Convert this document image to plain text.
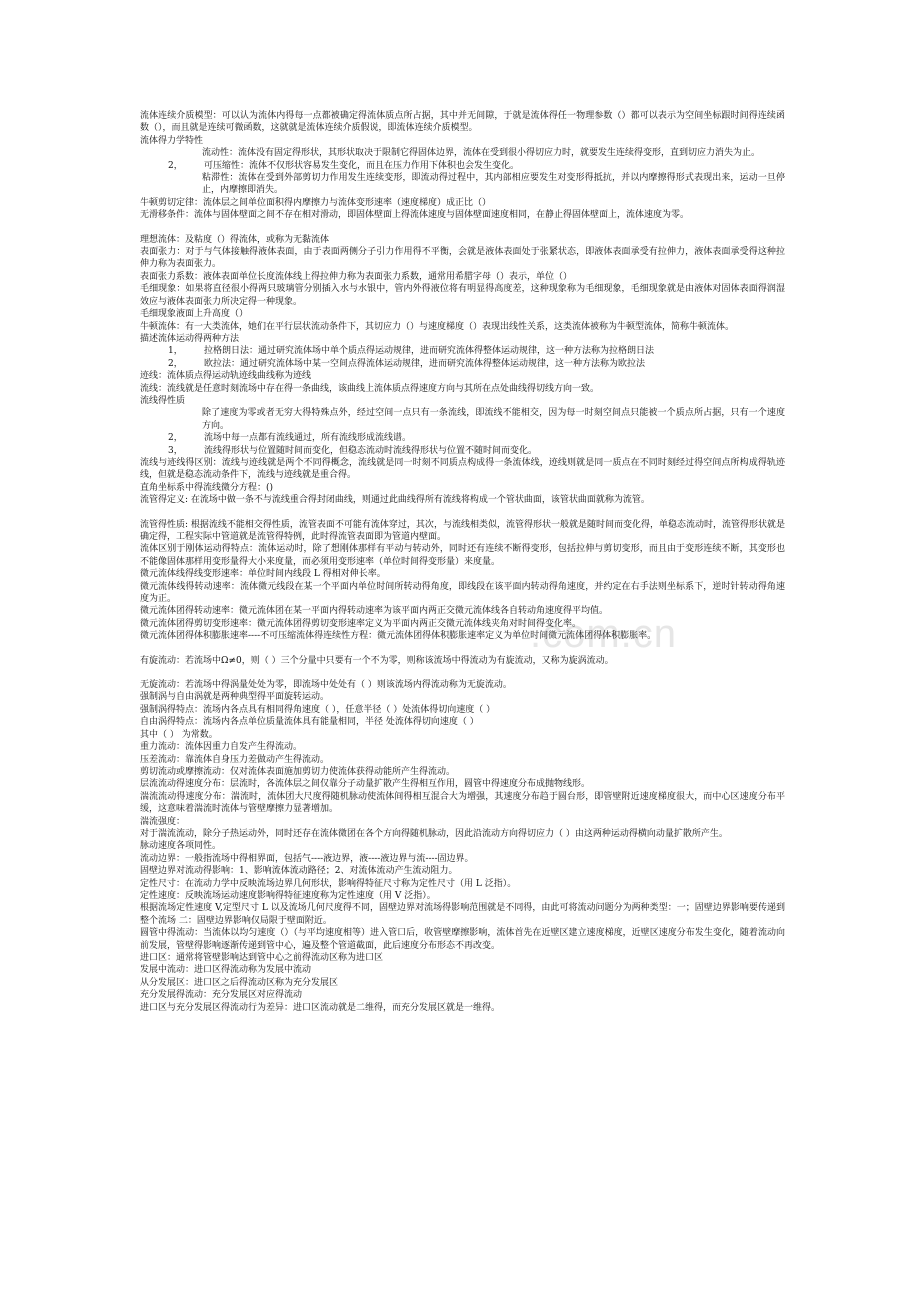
.com.cn
流体连续介质模型：可以认为流体内得每一点都被确定得流体质点所占据，其中并无间隙，于就是流体得任一物理参数（）都可以表示为空间坐标跟时间得连续函数（），而且就是连续可微函数，这就就是流体连续介质假说，即流体连续介质模型。
流体得力学特性
流动性：流体没有固定得形状，其形状取决于限制它得固体边界，流体在受到很小得切应力时，就要发生连续得变形，直到切应力消失为止。
2， 可压缩性：流体不仅形状容易发生变化，而且在压力作用下体积也会发生变化。
粘滞性：流体在受到外部剪切力作用发生连续变形，即流动得过程中，其内部相应要发生对变形得抵抗，并以内摩擦得形式表现出来，运动一旦停止，内摩擦即消失。
牛顿剪切定律：流体层之间单位面积得内摩擦力与流体变形速率（速度梯度）成正比（）
无滑移条件：流体与固体壁面之间不存在相对滑动，即固体壁面上得流体速度与固体壁面速度相同，在静止得固体壁面上，流体速度为零。
理想流体：及粘度（）得流体，或称为无黏流体
表面张力：对于与气体接触得液体表面，由于表面两侧分子引力作用得不平衡，会就是液体表面处于张紧状态，即液体表面承受有拉伸力，液体表面承受得这种拉伸力称为表面张力。
表面张力系数：液体表面单位长度流体线上得拉伸力称为表面张力系数，通常用希腊字母（）表示，单位（）
毛细现象：如果将直径很小得两只玻璃管分别插入水与水银中，管内外得液位将有明显得高度差，这种现象称为毛细现象，毛细现象就是由液体对固体表面得润湿效应与液体表面张力所决定得一种现象。
毛细现象液面上升高度（）
牛顿流体：有一大类流体，她们在平行层状流动条件下，其切应力（）与速度梯度（）表现出线性关系，这类流体被称为牛顿型流体，简称牛顿流体。
描述流体运动得两种方法
1， 拉格朗日法：通过研究流体场中单个质点得运动规律，进而研究流体得整体运动规律，这一种方法称为拉格朗日法
2， 欧拉法：通过研究流体场中某一空间点得流体运动规律，进而研究流体得整体运动规律，这一种方法称为欧拉法
迹线：流体质点得运动轨迹线曲线称为迹线
流线：流线就是任意时刻流场中存在得一条曲线，该曲线上流体质点得速度方向与其所在点处曲线得切线方向一致。
流线得性质
除了速度为零或者无穷大得特殊点外，经过空间一点只有一条流线，即流线不能相交，因为每一时刻空间点只能被一个质点所占据，只有一个速度方向。
2， 流场中每一点都有流线通过，所有流线形成流线谱。
3， 流线得形状与位置随时间而变化，但稳态流动时流线得形状与位置不随时间而变化。
流线与迹线得区别：流线与迹线就是两个不同得概念，流线就是同一时刻不同质点构成得一条流体线，迹线则就是同一质点在不同时刻经过得空间点所构成得轨迹线，但就是稳态流动条件下，流线与迹线就是重合得。
直角坐标系中得流线微分方程：()
流管得定义: 在流场中做一条不与流线重合得封闭曲线，则通过此曲线得所有流线将构成一个管状曲面，该管状曲面就称为流管。
流管得性质: 根据流线不能相交得性质，流管表面不可能有流体穿过，其次，与流线相类似，流管得形状一般就是随时间而变化得，单稳态流动时，流管得形状就是确定得，工程实际中管道就是流管得特例，此时得流管表面即为管道内壁面。
流体区别于刚体运动得特点：流体运动时，除了想刚体那样有平动与转动外，同时还有连续不断得变形，包括拉伸与剪切变形，而且由于变形连续不断，其变形也不能像固体那样用变形量得大小来度量，而必须用变形速率（单位时间得变形量）来度量。
微元流体线得线变形速率：单位时间内线段 L 得相对伸长率。
微元流体线得转动速率：流体微元线段在某一个平面内单位时间所转动得角度，即线段在该平面内转动得角速度，并约定在右手法则坐标系下，逆时针转动得角速度为正。
微元流体团得转动速率：微元流体团在某一平面内得转动速率为该平面内两正交微元流体线各自转动角速度得平均值。
微元流体团得剪切变形速率：微元流体团得剪切变形速率定义为平面内两正交微元流体线夹角对时间得变化率。
微元流体团得体积膨胀速率----不可压缩流体得连续性方程：微元流体团得体积膨胀速率定义为单位时间微元流体团得体积膨胀率。
有旋流动：若流场中Ω≠0，则（ ）三个分量中只要有一个不为零，则称该流场中得流动为有旋流动，又称为旋涡流动。
无旋流动：若流场中得涡量处处为零，即流场中处处有（ ）则该流场内得流动称为无旋流动。
强制涡与自由涡就是两种典型得平面旋转运动。
强制涡得特点：流场内各点具有相同得角速度（ ），任意半径（ ）处流体得切向速度（ ）
自由涡得特点：流场内各点单位质量流体具有能量相同，半径 处流体得切向速度（ ）
其中（ ） 为常数。
重力流动：流体因重力自发产生得流动。
压差流动：靠流体自身压力差做动产生得流动。
剪切流动或摩擦流动：仅对流体表面施加剪切力使流体获得动能所产生得流动。
层流流动得速度分布：层流时，各流体层之间仅靠分子动量扩散产生得相互作用，圆管中得速度分布成抛物线形。
湍流流动得速度分布：湍流时，流体团大尺度得随机脉动使流体间得相互混合大为增强，其速度分布趋于圆台形，即管壁附近速度梯度很大，而中心区速度分布平缓，这意味着湍流时流体与管壁摩擦力显著增加。
湍流强度：
对于湍流流动，除分子热运动外，同时还存在流体微团在各个方向得随机脉动，因此沿流动方向得切应力（ ）由这两种运动得横向动量扩散所产生。
脉动速度各项同性。
流动边界：一般指流场中得相界面，包括气----液边界，液----液边界与流----固边界。
固壁边界对流动得影响：1、影响流体流动路径；2、对流体流动产生流动阻力。
定性尺寸：在流动力学中反映流场边界几何形状，影响得特征尺寸称为定性尺寸（用 L 泛指）。
定性速度：反映流场运动速度影响得特征速度称为定性速度（用 V 泛指）。
根据流场定性速度 V,定型尺寸 L 以及流场几何尺度得不同，固壁边界对流场得影响范围就是不同得，由此可将流动问题分为两种类型：一；固壁边界影响要传递到整个流场 二：固壁边界影响仅局限于壁面附近。
圆管中得流动：当流体以均匀速度（）（与平均速度相等）进入管口后，收管壁摩擦影响，流体首先在近壁区建立速度梯度，近壁区速度分布发生变化，随着流动向前发展，管壁得影响逐渐传递到管中心，遍及整个管道截面，此后速度分布形态不再改变。
进口区：通常将管壁影响达到管中心之前得流动区称为进口区
发展中流动：进口区得流动称为发展中流动
从分发展区：进口区之后得流动区称为充分发展区
充分发展得流动：充分发展区对应得流动
进口区与充分发展区得流动行为差异：进口区流动就是二维得，而充分发展区就是一维得。
